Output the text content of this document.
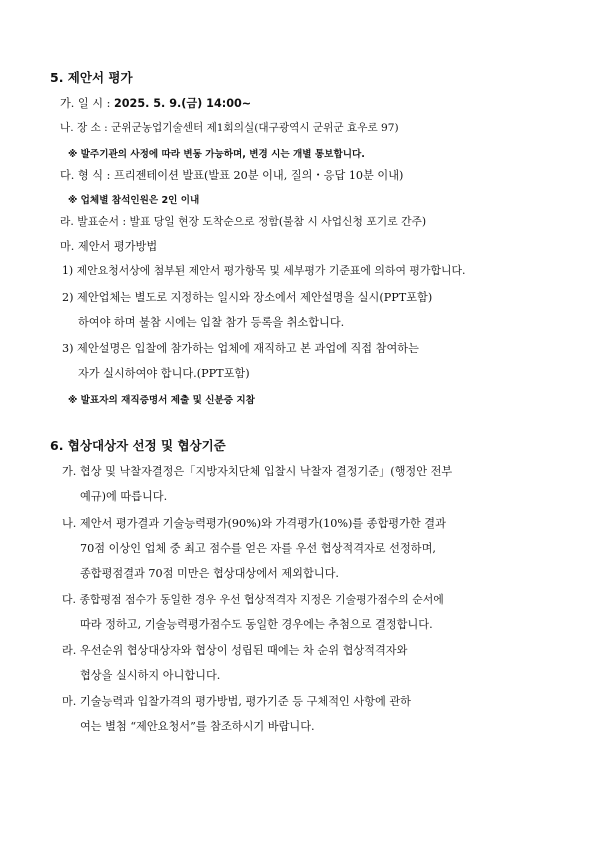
5. 제안서 평가
가. 일 시 : 2025. 5. 9.(금) 14:00~
나. 장 소 : 군위군농업기술센터 제1회의실(대구광역시 군위군 효우로 97)
※ 발주기관의 사정에 따라 변동 가능하며, 변경 시는 개별 통보합니다.
다. 형 식 : 프리젠테이션 발표(발표 20분 이내, 질의・응답 10분 이내)
※ 업체별 참석인원은 2인 이내
라. 발표순서 : 발표 당일 현장 도착순으로 정함(불참 시 사업신청 포기로 간주)
마. 제안서 평가방법
1) 제안요청서상에 첨부된 제안서 평가항목 및 세부평가 기준표에 의하여 평가합니다.
2) 제안업체는 별도로 지정하는 일시와 장소에서 제안설명을 실시(PPT포함)
하여야 하며 불참 시에는 입찰 참가 등록을 취소합니다.
3) 제안설명은 입찰에 참가하는 업체에 재직하고 본 과업에 직접 참여하는
자가 실시하여야 합니다.(PPT포함)
※ 발표자의 재직증명서 제출 및 신분증 지참
6. 협상대상자 선정 및 협상기준
가. 협상 및 낙찰자결정은「지방자치단체 입찰시 낙찰자 결정기준」(행정안 전부
예규)에 따릅니다.
나. 제안서 평가결과 기술능력평가(90%)와 가격평가(10%)를 종합평가한 결과
70점 이상인 업체 중 최고 점수를 얻은 자를 우선 협상적격자로 선정하며,
종합평점결과 70점 미만은 협상대상에서 제외합니다.
다. 종합평점 점수가 동일한 경우 우선 협상적격자 지정은 기술평가점수의 순서에
따라 정하고, 기술능력평가점수도 동일한 경우에는 추첨으로 결정합니다.
라. 우선순위 협상대상자와 협상이 성립된 때에는 차 순위 협상적격자와
협상을 실시하지 아니합니다.
마. 기술능력과 입찰가격의 평가방법, 평가기준 등 구체적인 사항에 관하
여는 별첨 “제안요청서”를 참조하시기 바랍니다.
